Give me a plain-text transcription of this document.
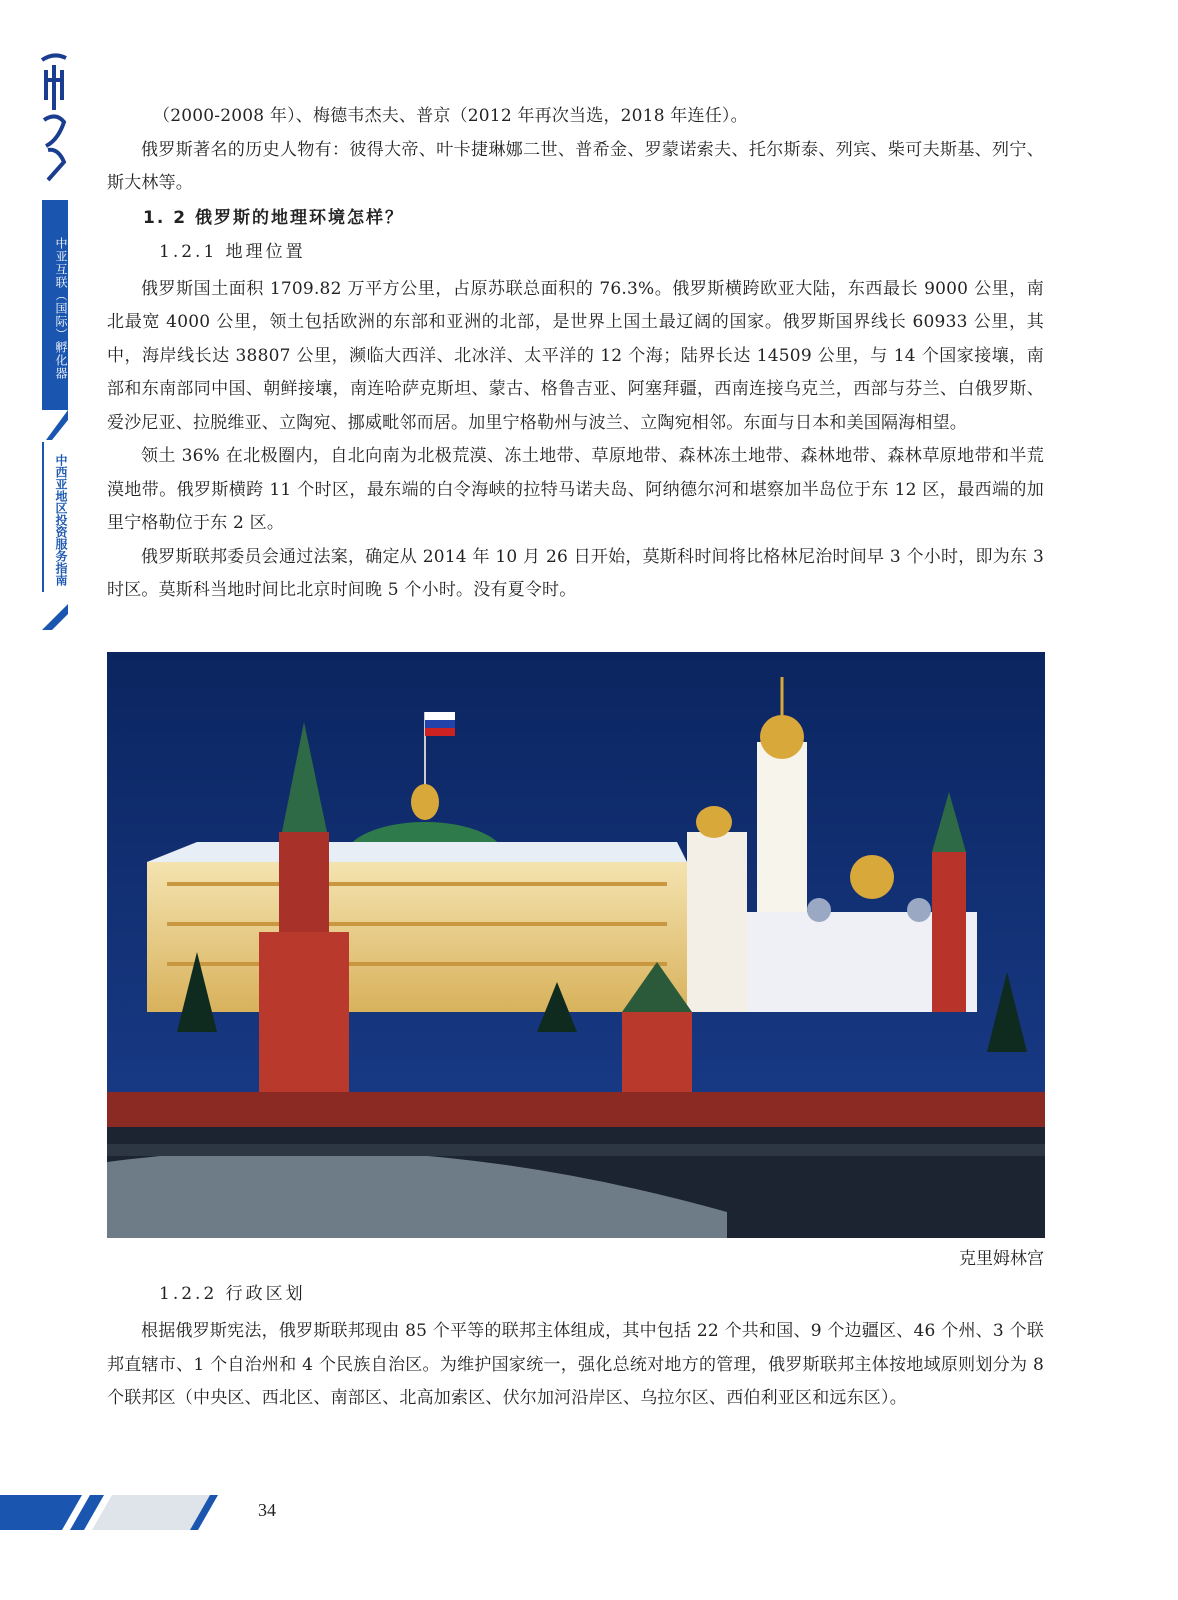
一带一路
中亚互联（国际）孵化器
中西亚地区投资服务指南

（2000-2008 年）、梅德韦杰夫、普京（2012 年再次当选，2018 年连任）。

俄罗斯著名的历史人物有：彼得大帝、叶卡捷琳娜二世、普希金、罗蒙诺索夫、托尔斯泰、列宾、柴可夫斯基、列宁、斯大林等。

1. 2 俄罗斯的地理环境怎样？
1.2.1 地理位置

俄罗斯国土面积 1709.82 万平方公里，占原苏联总面积的 76.3%。俄罗斯横跨欧亚大陆，东西最长 9000 公里，南北最宽 4000 公里，领土包括欧洲的东部和亚洲的北部，是世界上国土最辽阔的国家。俄罗斯国界线长 60933 公里，其中，海岸线长达 38807 公里，濒临大西洋、北冰洋、太平洋的 12 个海；陆界长达 14509 公里，与 14 个国家接壤，南部和东南部同中国、朝鲜接壤，南连哈萨克斯坦、蒙古、格鲁吉亚、阿塞拜疆，西南连接乌克兰，西部与芬兰、白俄罗斯、爱沙尼亚、拉脱维亚、立陶宛、挪威毗邻而居。加里宁格勒州与波兰、立陶宛相邻。东面与日本和美国隔海相望。

领土 36% 在北极圈内，自北向南为北极荒漠、冻土地带、草原地带、森林冻土地带、森林地带、森林草原地带和半荒漠地带。俄罗斯横跨 11 个时区，最东端的白令海峡的拉特马诺夫岛、阿纳德尔河和堪察加半岛位于东 12 区，最西端的加里宁格勒位于东 2 区。

俄罗斯联邦委员会通过法案，确定从 2014 年 10 月 26 日开始，莫斯科时间将比格林尼治时间早 3 个小时，即为东 3 时区。莫斯科当地时间比北京时间晚 5 个小时。没有夏令时。

克里姆林宫
1.2.2 行政区划

根据俄罗斯宪法，俄罗斯联邦现由 85 个平等的联邦主体组成，其中包括 22 个共和国、9 个边疆区、46 个州、3 个联邦直辖市、1 个自治州和 4 个民族自治区。为维护国家统一，强化总统对地方的管理，俄罗斯联邦主体按地域原则划分为 8 个联邦区（中央区、西北区、南部区、北高加索区、伏尔加河沿岸区、乌拉尔区、西伯利亚区和远东区）。

34
